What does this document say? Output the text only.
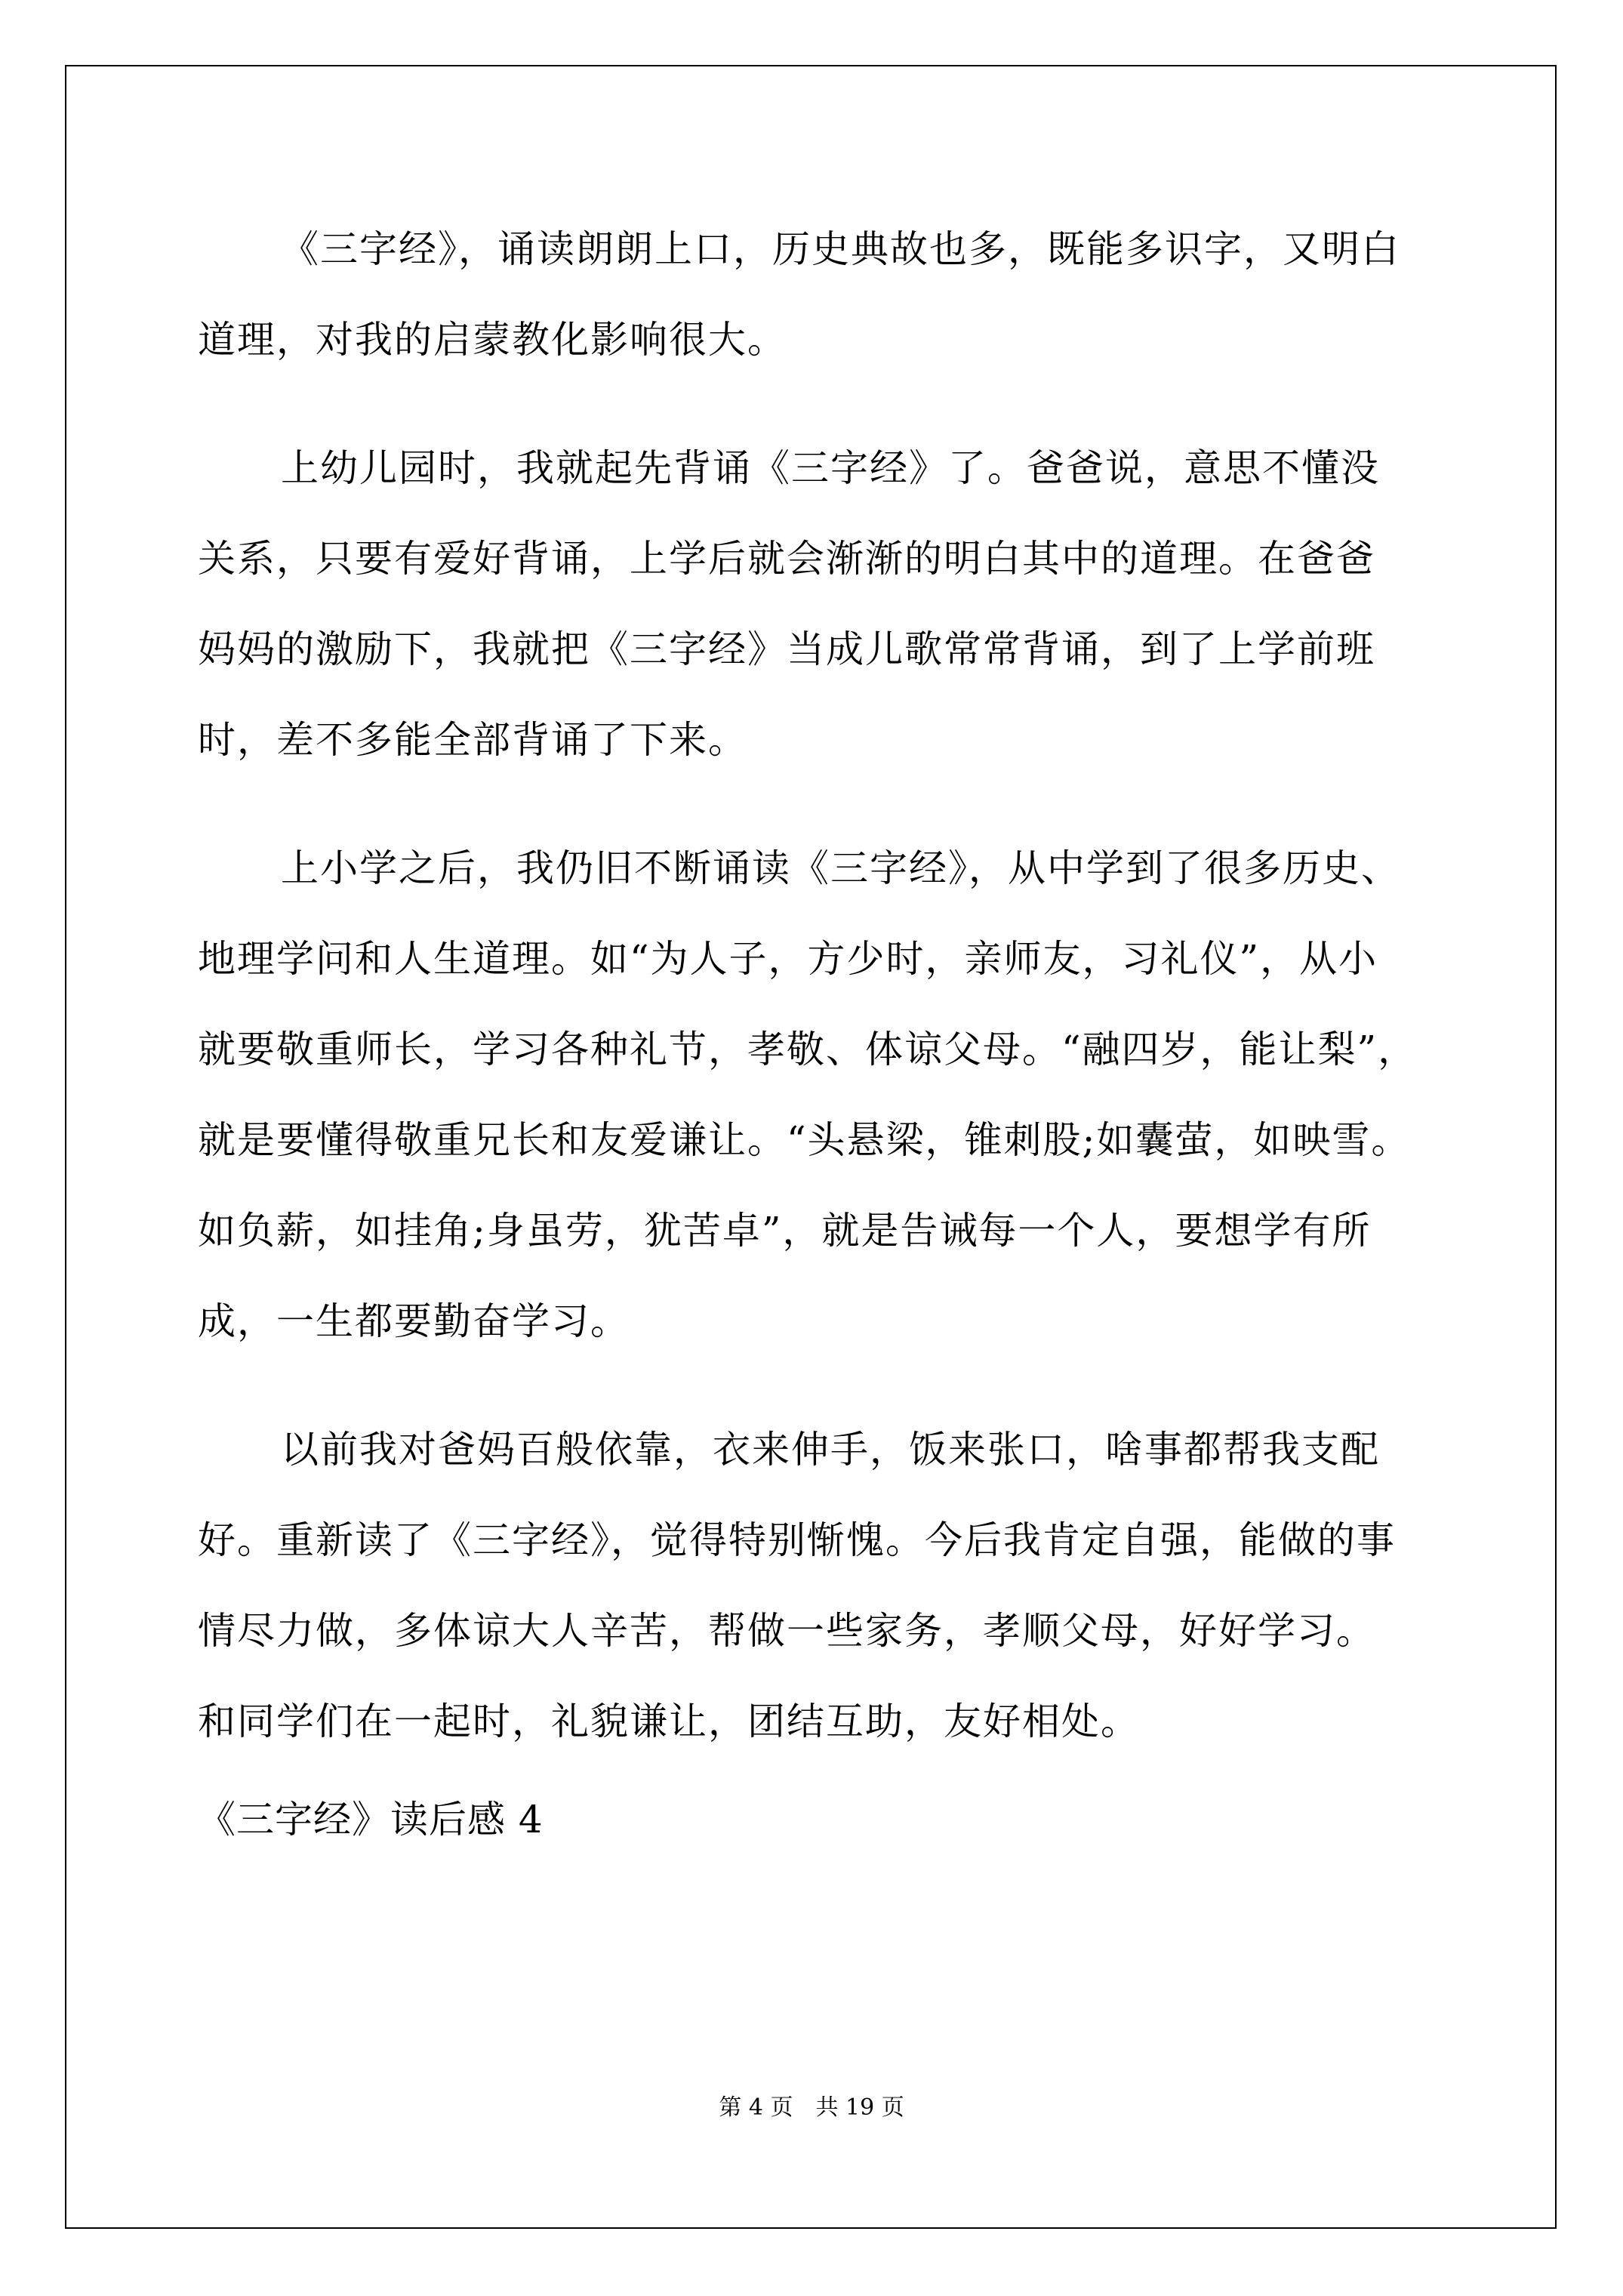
《三字经》，诵读朗朗上口，历史典故也多，既能多识字，又明白
道理，对我的启蒙教化影响很大。
上幼儿园时，我就起先背诵《三字经》了。爸爸说，意思不懂没
关系，只要有爱好背诵，上学后就会渐渐的明白其中的道理。在爸爸
妈妈的激励下，我就把《三字经》当成儿歌常常背诵，到了上学前班
时，差不多能全部背诵了下来。
上小学之后，我仍旧不断诵读《三字经》，从中学到了很多历史、
地理学问和人生道理。如“为人子，方少时，亲师友，习礼仪”，从小
就要敬重师长，学习各种礼节，孝敬、体谅父母。“融四岁，能让梨”，
就是要懂得敬重兄长和友爱谦让。“头悬梁，锥刺股;如囊萤，如映雪。
如负薪，如挂角;身虽劳，犹苦卓”，就是告诫每一个人，要想学有所
成，一生都要勤奋学习。
以前我对爸妈百般依靠，衣来伸手，饭来张口，啥事都帮我支配
好。重新读了《三字经》，觉得特别惭愧。今后我肯定自强，能做的事
情尽力做，多体谅大人辛苦，帮做一些家务，孝顺父母，好好学习。
和同学们在一起时，礼貌谦让，团结互助，友好相处。
《三字经》读后感 4
第 4 页　共 19 页
